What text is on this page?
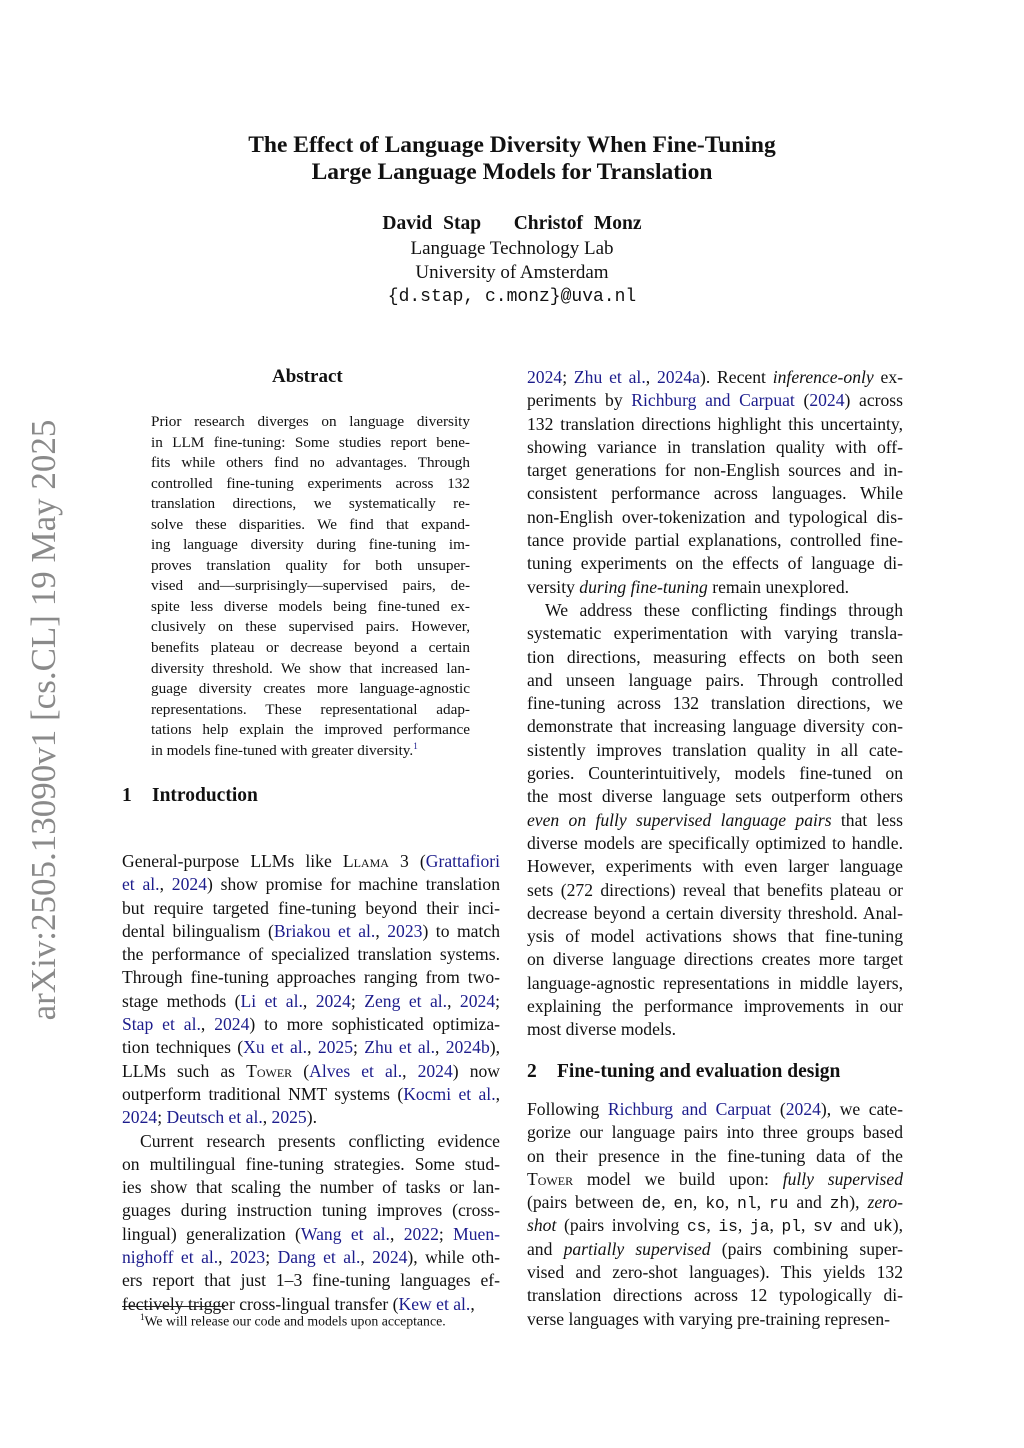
arXiv:2505.13090v1 [cs.CL] 19 May 2025
The Effect of Language Diversity When Fine-Tuning
Large Language Models for Translation
David Stap   Christof Monz
Language Technology Lab
University of Amsterdam
{d.stap, c.monz}@uva.nl
Abstract
Prior research diverges on language diversity
in LLM fine-tuning: Some studies report bene-
fits while others find no advantages. Through
controlled fine-tuning experiments across 132
translation directions, we systematically re-
solve these disparities. We find that expand-
ing language diversity during fine-tuning im-
proves translation quality for both unsuper-
vised and—surprisingly—supervised pairs, de-
spite less diverse models being fine-tuned ex-
clusively on these supervised pairs. However,
benefits plateau or decrease beyond a certain
diversity threshold. We show that increased lan-
guage diversity creates more language-agnostic
representations. These representational adap-
tations help explain the improved performance
in models fine-tuned with greater diversity.$^1$
1 Introduction
General-purpose LLMs like Llama 3 (Grattafiori
et al., 2024) show promise for machine translation
but require targeted fine-tuning beyond their inci-
dental bilingualism (Briakou et al., 2023) to match
the performance of specialized translation systems.
Through fine-tuning approaches ranging from two-
stage methods (Li et al., 2024; Zeng et al., 2024;
Stap et al., 2024) to more sophisticated optimiza-
tion techniques (Xu et al., 2025; Zhu et al., 2024b),
LLMs such as Tower (Alves et al., 2024) now
outperform traditional NMT systems (Kocmi et al.,
2024; Deutsch et al., 2025).
Current research presents conflicting evidence
on multilingual fine-tuning strategies. Some stud-
ies show that scaling the number of tasks or lan-
guages during instruction tuning improves (cross-
lingual) generalization (Wang et al., 2022; Muen-
nighoff et al., 2023; Dang et al., 2024), while oth-
ers report that just 1–3 fine-tuning languages ef-
fectively trigger cross-lingual transfer (Kew et al.,
2024; Zhu et al., 2024a). Recent inference-only ex-
periments by Richburg and Carpuat (2024) across
132 translation directions highlight this uncertainty,
showing variance in translation quality with off-
target generations for non-English sources and in-
consistent performance across languages. While
non-English over-tokenization and typological dis-
tance provide partial explanations, controlled fine-
tuning experiments on the effects of language di-
versity during fine-tuning remain unexplored.
We address these conflicting findings through
systematic experimentation with varying transla-
tion directions, measuring effects on both seen
and unseen language pairs. Through controlled
fine-tuning across 132 translation directions, we
demonstrate that increasing language diversity con-
sistently improves translation quality in all cate-
gories. Counterintuitively, models fine-tuned on
the most diverse language sets outperform others
even on fully supervised language pairs that less
diverse models are specifically optimized to handle.
However, experiments with even larger language
sets (272 directions) reveal that benefits plateau or
decrease beyond a certain diversity threshold. Anal-
ysis of model activations shows that fine-tuning
on diverse language directions creates more target
language-agnostic representations in middle layers,
explaining the performance improvements in our
most diverse models.
2 Fine-tuning and evaluation design
Following Richburg and Carpuat (2024), we cate-
gorize our language pairs into three groups based
on their presence in the fine-tuning data of the
Tower model we build upon: fully supervised
(pairs between de, en, ko, nl, ru and zh), zero-
shot (pairs involving cs, is, ja, pl, sv and uk),
and partially supervised (pairs combining super-
vised and zero-shot languages). This yields 132
translation directions across 12 typologically di-
verse languages with varying pre-training represen-
$^1$We will release our code and models upon acceptance.
